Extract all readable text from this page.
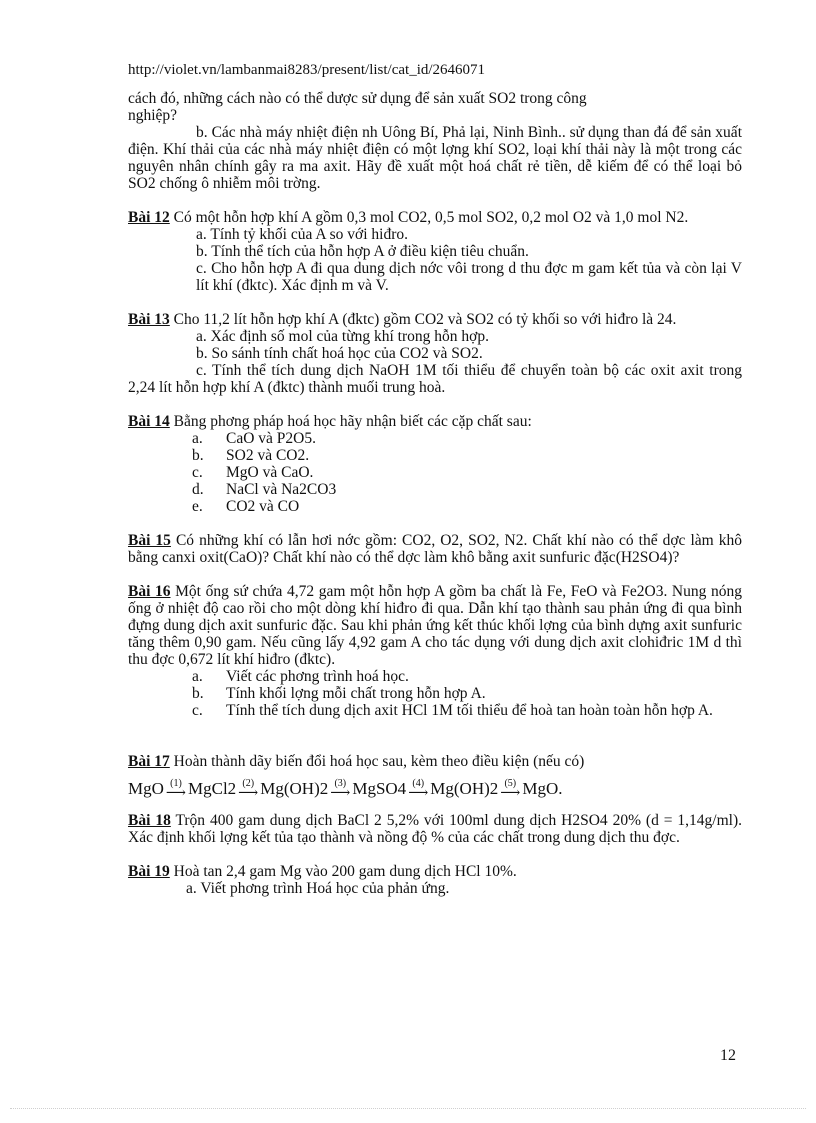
http://violet.vn/lambanmai8283/present/list/cat_id/2646071

cách đó, những cách nào có thể dược sử dụng để sản xuất SO2 trong công

nghiệp?

b. Các nhà máy nhiệt điện nh Uông Bí, Phả lại, Ninh Bình.. sử dụng than đá để sản xuất điện. Khí thải của các nhà máy nhiệt điện có một lợng khí SO2, loại khí thải này là một trong các nguyên nhân chính gây ra ma axit. Hãy đề xuất một hoá chất rẻ tiền, dễ kiếm để có thể loại bỏ SO2 chống ô nhiễm môi trờng.

Bài 12 Có một hỗn hợp khí A gồm 0,3 mol CO2, 0,5 mol SO2, 0,2 mol O2 và 1,0 mol N2.

a. Tính tỷ khối của A so với hiđro.

b. Tính thể tích của hỗn hợp A ở điều kiện tiêu chuẩn.

c. Cho hỗn hợp A đi qua dung dịch nớc vôi trong d thu đợc m gam kết tủa và còn lại V lít khí (đktc). Xác định m và V.

Bài 13 Cho 11,2 lít hỗn hợp khí A (đktc) gồm CO2 và SO2 có tỷ khối so với hiđro là 24.

a. Xác định số mol của từng khí trong hỗn hợp.

b. So sánh tính chất hoá học của CO2 và SO2.

c. Tính thể tích dung dịch NaOH 1M tối thiểu để chuyển toàn bộ các oxit axit trong 2,24 lít hỗn hợp khí A (đktc) thành muối trung hoà.

Bài 14 Bằng phơng pháp hoá học hãy nhận biết các cặp chất sau:

a.	CaO và P2O5.
b.	SO2 và CO2.
c.	MgO và CaO.
d.	NaCl và Na2CO3
e.	CO2 và CO

Bài 15 Có những khí có lẫn hơi nớc gồm: CO2, O2, SO2, N2. Chất khí nào có thể dợc làm khô bằng canxi oxit(CaO)? Chất khí nào có thể dợc làm khô bằng axit sunfuric đặc(H2SO4)?

Bài 16 Một ống sứ chứa 4,72 gam một hỗn hợp A gồm ba chất là Fe, FeO và Fe2O3. Nung nóng ống ở nhiệt độ cao rồi cho một dòng khí hiđro đi qua. Dẫn khí tạo thành sau phản ứng đi qua bình đựng dung dịch axit sunfuric đặc. Sau khi phản ứng kết thúc khối lợng của bình dựng axit sunfuric tăng thêm 0,90 gam. Nếu cũng lấy 4,92 gam A cho tác dụng với dung dịch axit clohiđric 1M d thì thu đợc 0,672 lít khí hiđro (đktc).

a.	Viết các phơng trình hoá học.
b.	Tính khối lợng mỗi chất trong hỗn hợp A.
c.	Tính thể tích dung dịch axit HCl 1M tối thiểu để hoà tan hoàn toàn hỗn hợp A.

Bài 17 Hoàn thành dãy biến đổi hoá học sau, kèm theo điều kiện (nếu có)

MgO (1)
⟶ MgCl2 (2)
⟶ Mg(OH)2 (3)
⟶ MgSO4 (4)
⟶ Mg(OH)2 (5)
⟶ MgO.

Bài 18 Trộn 400 gam dung dịch BaCl 2 5,2% với 100ml dung dịch H2SO4 20% (d = 1,14g/ml). Xác định khối lợng kết tủa tạo thành và nồng độ % của các chất trong dung dịch thu đợc.

Bài 19 Hoà tan 2,4 gam Mg vào 200 gam dung dịch HCl 10%.

a. Viết phơng trình Hoá học của phản ứng.

12
